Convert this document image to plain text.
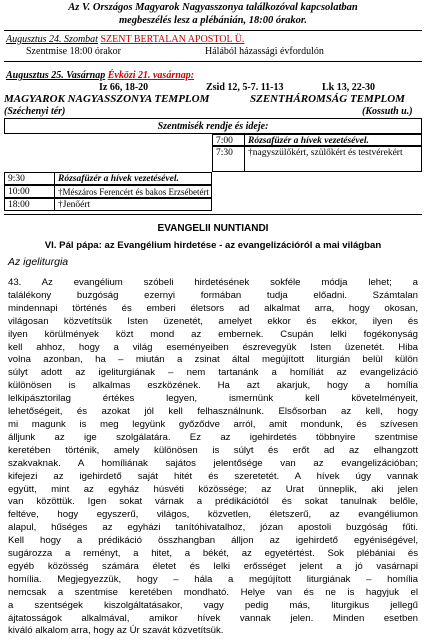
Az V. Országos Magyarok Nagyasszonya találkozóval kapcsolatban
megbeszélés lesz a plébánián, 18:00 órakor.
Augusztus 24. Szombat SZENT BERTALAN APOSTOL Ü.
Szentmise 18:00 órakor	Hálából házassági évfordulón
Augusztus 25. Vasárnap Évközi 21. vasárnap:
Iz 66, 18-20	Zsid 12, 5-7. 11-13	Lk 13, 22-30
MAGYAROK NAGYASSZONYA TEMPLOM	SZENTHÁROMSÁG TEMPLOM
(Széchenyi tér)	(Kossuth u.)
Szentmisék rendje és ideje:
7:00	Rózsafüzér a hívek vezetésével.
7:30	†nagyszülőkért, szülőkért és testvérekért
9:30	Rózsafüzér a hívek vezetésével.
10:00	†Mészáros Ferencért és bakos Erzsébetért
18:00	†Jenőért
EVANGELII NUNTIANDI
VI. Pál pápa: az Evangélium hirdetése - az evangelizációról a mai világban
Az igeliturgia
43. Az evangélium szóbeli hirdetésének sokféle módja lehet; a
találékony buzgóság ezernyi formában tudja előadni. Számtalan
mindennapi történés és emberi életsors ad alkalmat arra, hogy okosan,
világosan közvetítsük Isten üzenetét, amelyet ekkor és ekkor, ilyen és
ilyen körülmények közt mond az embernek. Csupán lelki fogékonyság
kell ahhoz, hogy a világ eseményeiben észrevegyük Isten üzenetét. Hiba
volna azonban, ha – miután a zsinat által megújított liturgián belül külön
súlyt adott az igeliturgiának – nem tartanánk a homíliát az evangelizáció
különösen is alkalmas eszközének. Ha azt akarjuk, hogy a homília
lelkipásztorilag értékes legyen, ismernünk kell követelményeit,
lehetőségeit, és azokat jól kell felhasználnunk. Elsősorban az kell, hogy
mi magunk is meg legyünk győződve arról, amit mondunk, és szívesen
álljunk az ige szolgálatára. Ez az igehirdetés többnyire szentmise
keretében történik, amely különösen is súlyt és erőt ad az elhangzott
szakvaknak. A homíliának sajátos jelentősége van az evangelizációban;
kifejezi az igehirdető saját hitét és szeretetét. A hívek úgy vannak
együtt, mint az egyház húsvéti közössége; az Urat ünneplik, aki jelen
van közöttük. Igen sokat várnak a prédikációtól és sokat tanulnak belőle,
feltéve, hogy egyszerű, világos, közvetlen, életszerű, az evangéliumon
alapul, hűséges az egyházi tanítóhivatalhoz, józan apostoli buzgóság fűti.
Kell hogy a prédikáció összhangban álljon az igehirdető egyéniségével,
sugározza a reményt, a hitet, a békét, az egyetértést. Sok plébániai és
egyéb közösség számára életet és lelki erősséget jelent a jó vasárnapi
homília. Megjegyezzük, hogy – hála a megújított liturgiának – homília
nemcsak a szentmise keretében mondható. Helye van és ne is hagyjuk el
a szentségek kiszolgáltatásakor, vagy pedig más, liturgikus jellegű
ájtatosságok alkalmával, amikor hívek vannak jelen. Minden esetben
kiváló alkalom arra, hogy az Úr szavát közvetítsük.
